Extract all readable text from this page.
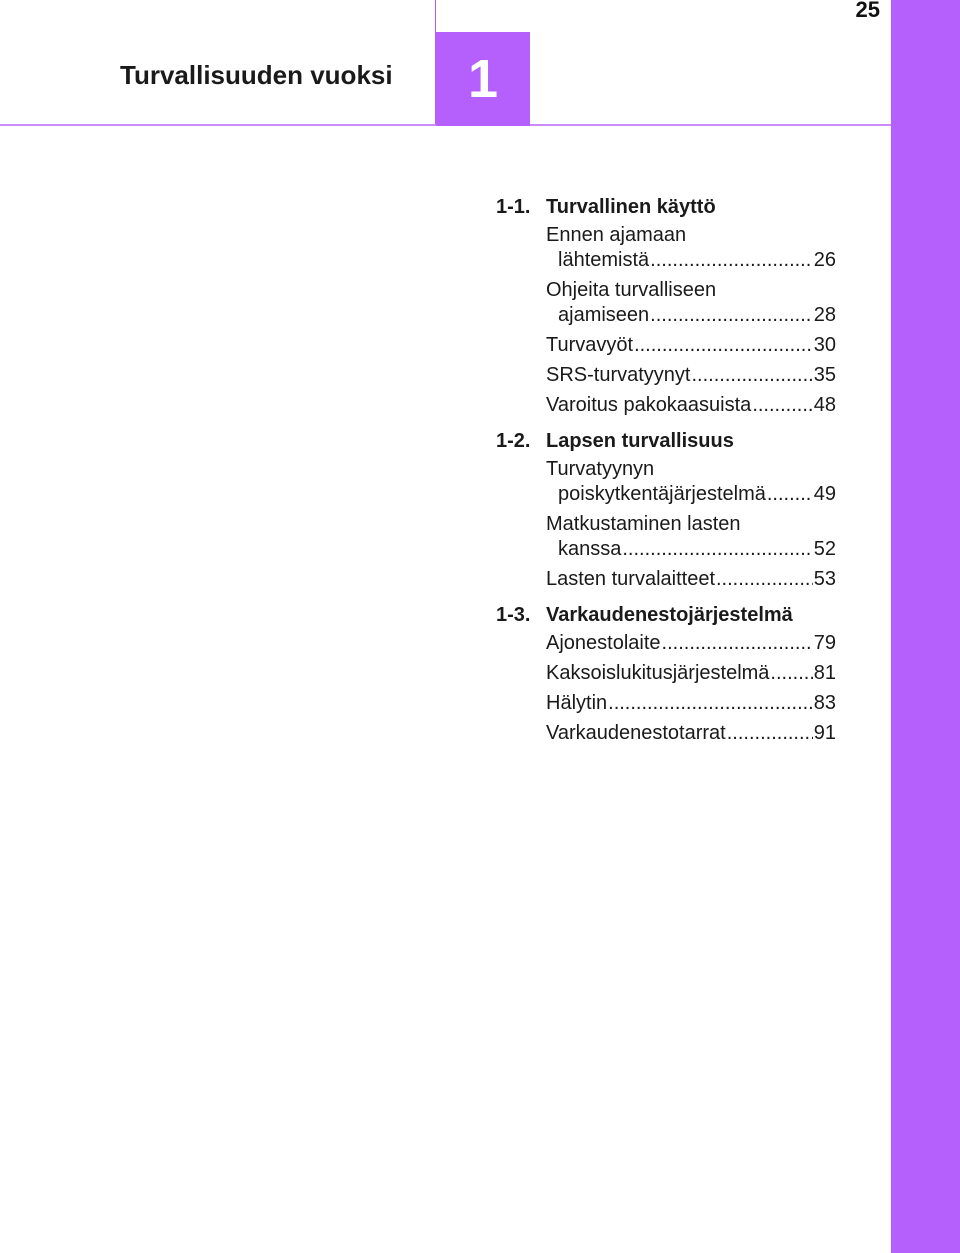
25
Turvallisuuden vuoksi	1
1-1. Turvallinen käyttö
Ennen ajamaan
lähtemistä .....	26
Ohjeita turvalliseen
ajamiseen .....	28
Turvavyöt .....	30
SRS-turvatyynyt .....	35
Varoitus pakokaasuista .....	48
1-2. Lapsen turvallisuus
Turvatyynyn
poiskytkentäjärjestelmä ..... 49
Matkustaminen lasten
kanssa .....	52
Lasten turvalaitteet .....	53
1-3. Varkaudenestojärjestelmä
Ajonestolaite .....	79
Kaksoislukitusjärjestelmä ..... 81
Hälytin .....	83
Varkaudenestotarrat .....	91
